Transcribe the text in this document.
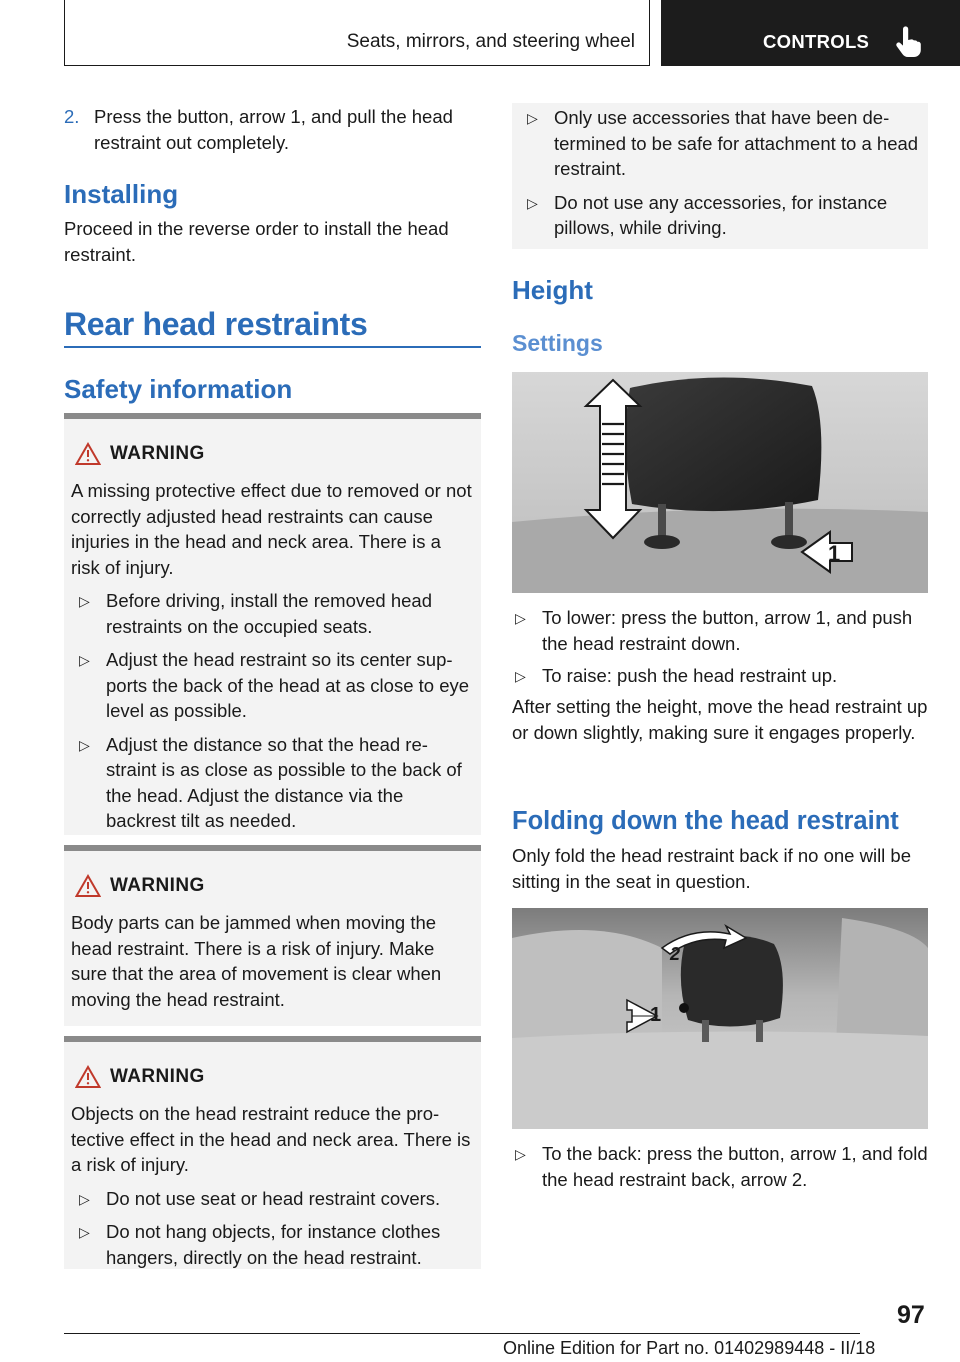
Seats, mirrors, and steering wheel	CONTROLS
2. Press the button, arrow 1, and pull the head restraint out completely.
Installing
Proceed in the reverse order to install the head restraint.
Rear head restraints
Safety information
WARNING
A missing protective effect due to removed or not correctly adjusted head restraints can cause injuries in the head and neck area. There is a risk of injury.
▷ Before driving, install the removed head restraints on the occupied seats.
▷ Adjust the head restraint so its center sup-ports the back of the head at as close to eye level as possible.
▷ Adjust the distance so that the head re-straint is as close as possible to the back of the head. Adjust the distance via the backrest tilt as needed.
WARNING
Body parts can be jammed when moving the head restraint. There is a risk of injury. Make sure that the area of movement is clear when moving the head restraint.
WARNING
Objects on the head restraint reduce the pro-tective effect in the head and neck area. There is a risk of injury.
▷ Do not use seat or head restraint covers.
▷ Do not hang objects, for instance clothes hangers, directly on the head restraint.
▷ Only use accessories that have been de-termined to be safe for attachment to a head restraint.
▷ Do not use any accessories, for instance pillows, while driving.
Height
Settings
1
▷ To lower: press the button, arrow 1, and push the head restraint down.
▷ To raise: push the head restraint up.
After setting the height, move the head restraint up or down slightly, making sure it engages properly.
Folding down the head restraint
Only fold the head restraint back if no one will be sitting in the seat in question.
1
2
▷ To the back: press the button, arrow 1, and fold the head restraint back, arrow 2.
97
Online Edition for Part no. 01402989448 - II/18
